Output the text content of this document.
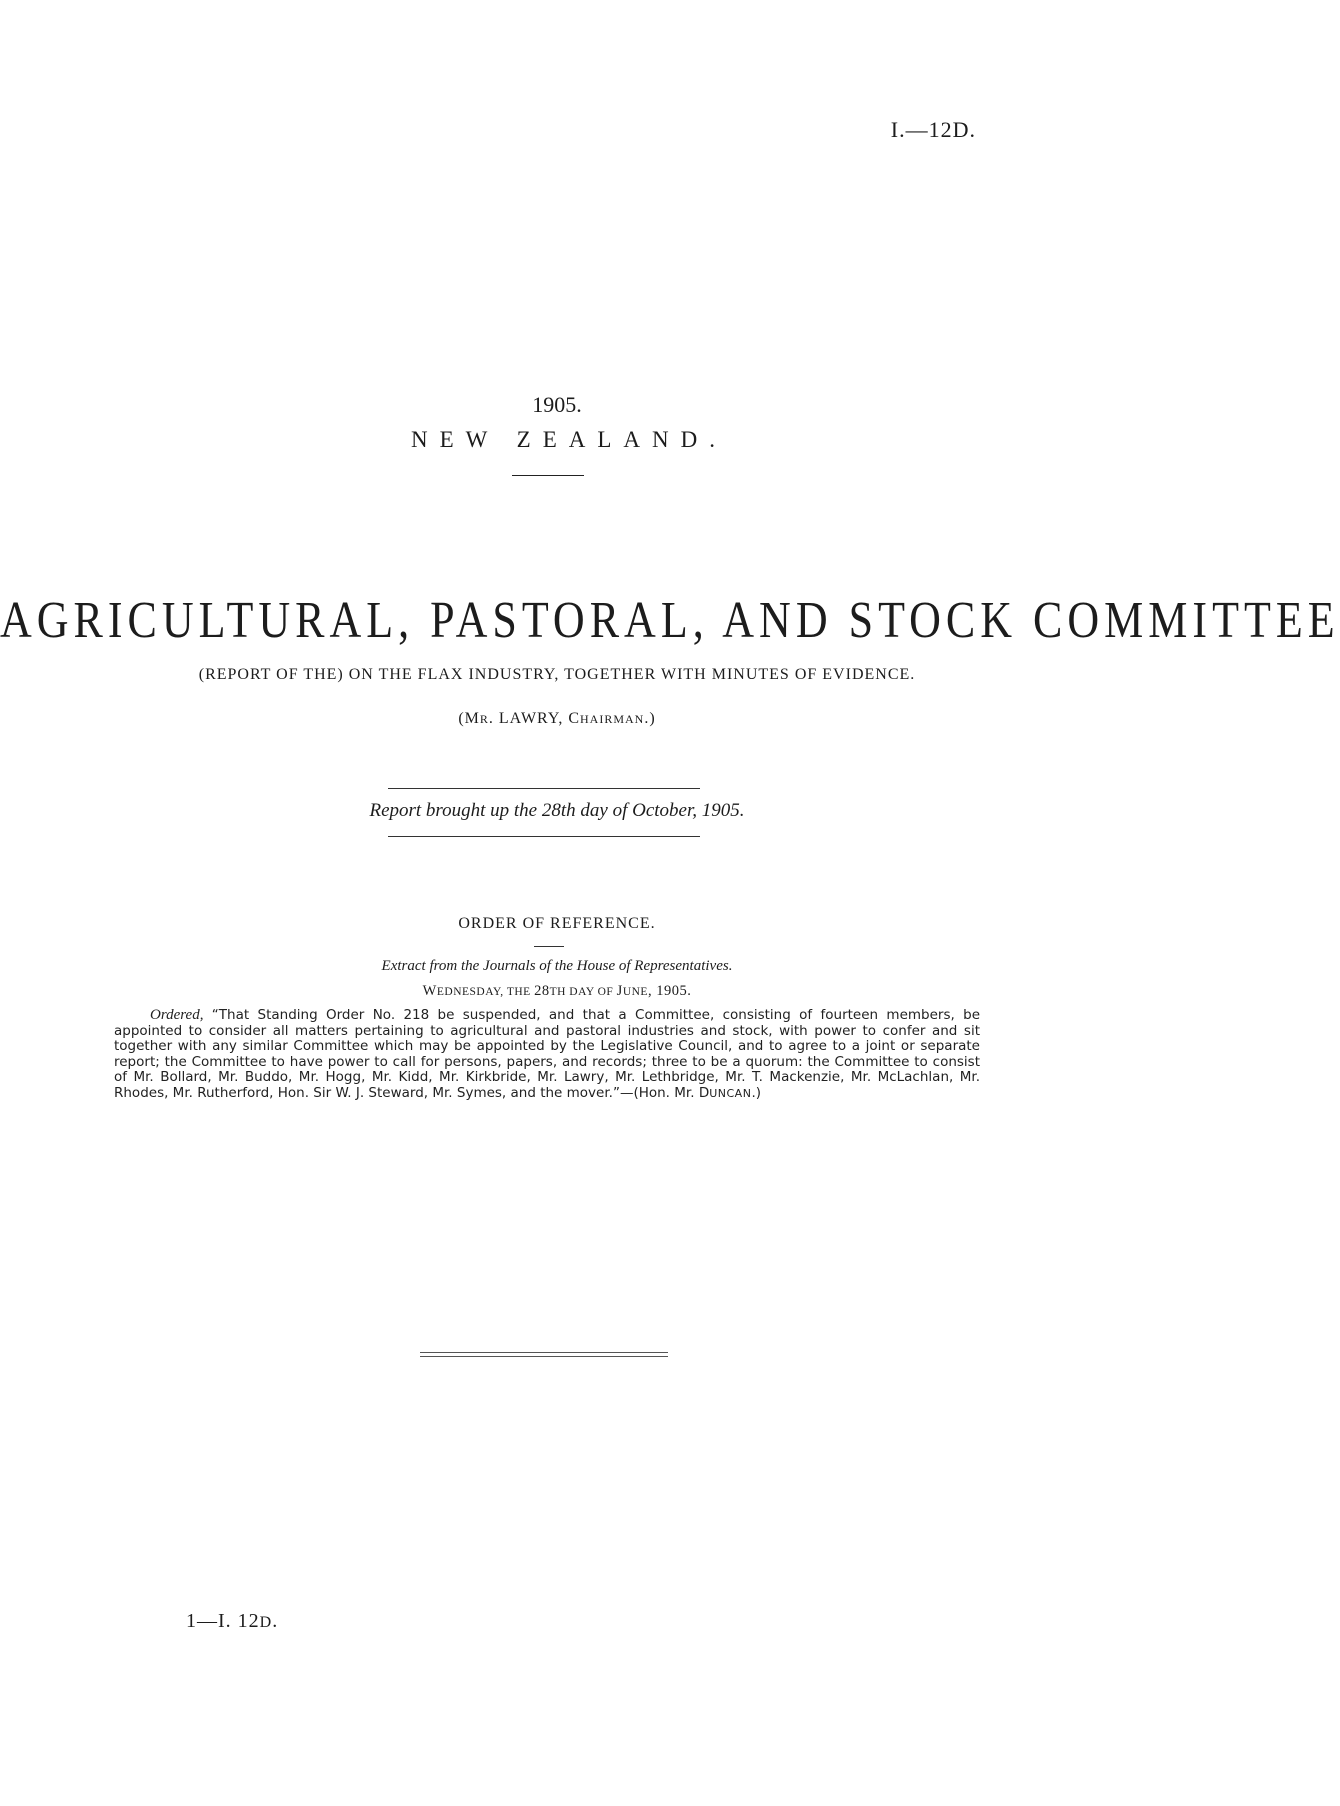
I.—12D.
1905.
NEW ZEALAND.
AGRICULTURAL, PASTORAL, AND STOCK COMMITTEE
(REPORT OF THE) ON THE FLAX INDUSTRY, TOGETHER WITH MINUTES OF EVIDENCE.
(MR. LAWRY, CHAIRMAN.)
Report brought up the 28th day of October, 1905.
ORDER OF REFERENCE.
Extract from the Journals of the House of Representatives.
WEDNESDAY, THE 28TH DAY OF JUNE, 1905.

Ordered, “That Standing Order No. 218 be suspended, and that a Committee, consisting of fourteen members, be appointed to consider all matters pertaining to agricultural and pastoral industries and stock, with power to confer and sit together with any similar Committee which may be appointed by the Legislative Council, and to agree to a joint or separate report; the Committee to have power to call for persons, papers, and records; three to be a quorum: the Committee to consist of Mr. Bollard, Mr. Buddo, Mr. Hogg, Mr. Kidd, Mr. Kirkbride, Mr. Lawry, Mr. Lethbridge, Mr. T. Mackenzie, Mr. McLachlan, Mr. Rhodes, Mr. Rutherford, Hon. Sir W. J. Steward, Mr. Symes, and the mover.”—(Hon. Mr. DUNCAN.)

1—I. 12D.
